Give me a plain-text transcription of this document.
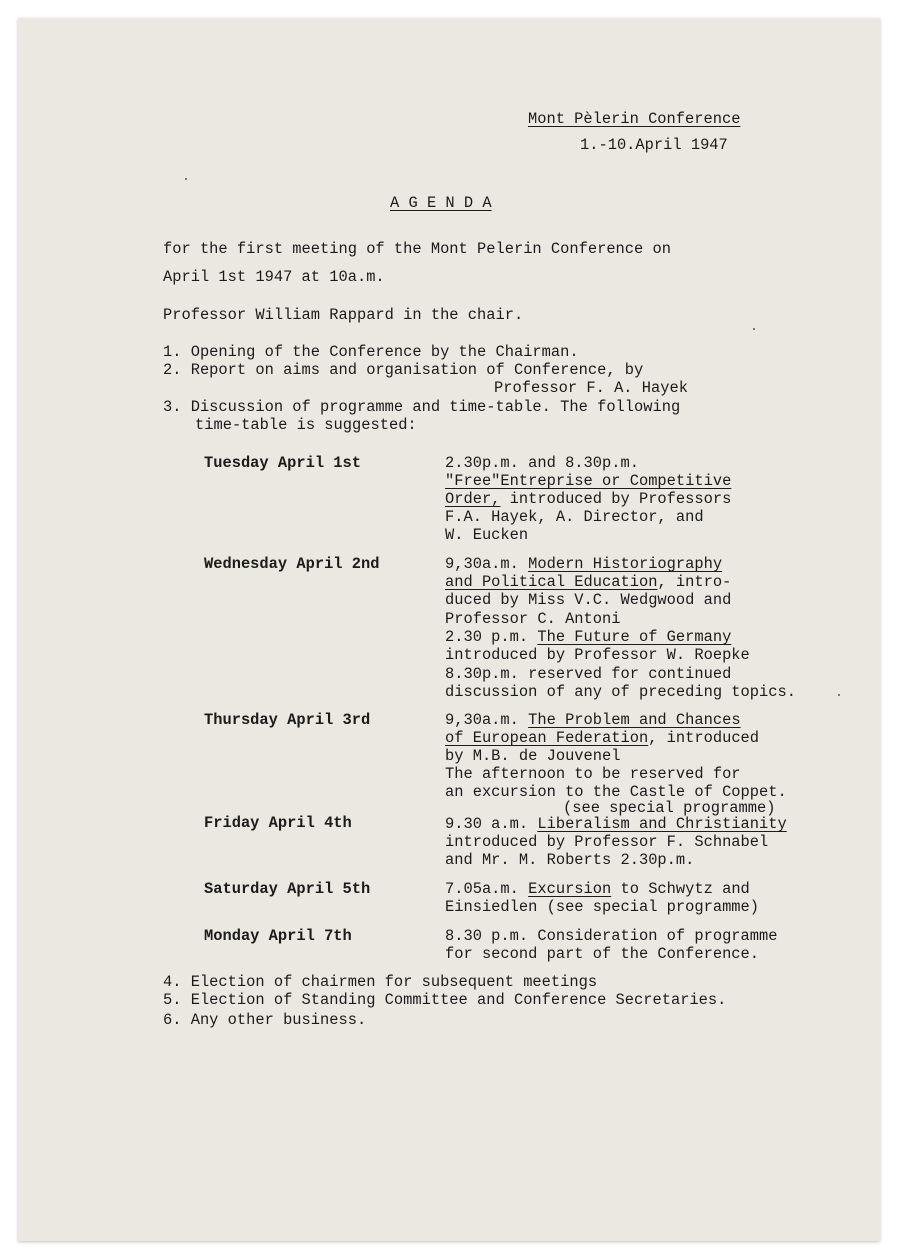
Mont Pèlerin Conference
1.-10.April 1947
A G E N D A
for the first meeting of the Mont Pelerin Conference on
April 1st 1947 at 10a.m.
Professor William Rappard in the chair.
1. Opening of the Conference by the Chairman.
2. Report on aims and organisation of Conference, by
Professor F. A. Hayek
3. Discussion of programme and time-table. The following
time-table is suggested:
Tuesday April 1st	2.30p.m. and 8.30p.m.
"Free"Entreprise or Competitive
Order, introduced by Professors
F.A. Hayek, A. Director, and
W. Eucken
Wednesday April 2nd	9,30a.m. Modern Historiography
and Political Education, intro-
duced by Miss V.C. Wedgwood and
Professor C. Antoni
2.30 p.m. The Future of Germany
introduced by Professor W. Roepke
8.30p.m. reserved for continued
discussion of any of preceding topics.
Thursday April 3rd	9,30a.m. The Problem and Chances
of European Federation, introduced
by M.B. de Jouvenel
The afternoon to be reserved for
an excursion to the Castle of Coppet.
(see special programme)
Friday April 4th	9.30 a.m. Liberalism and Christianity
introduced by Professor F. Schnabel
and Mr. M. Roberts 2.30p.m.
Saturday April 5th	7.05a.m. Excursion to Schwytz and
Einsiedlen (see special programme)
Monday April 7th	8.30 p.m. Consideration of programme
for second part of the Conference.
4. Election of chairmen for subsequent meetings
5. Election of Standing Committee and Conference Secretaries.
6. Any other business.
